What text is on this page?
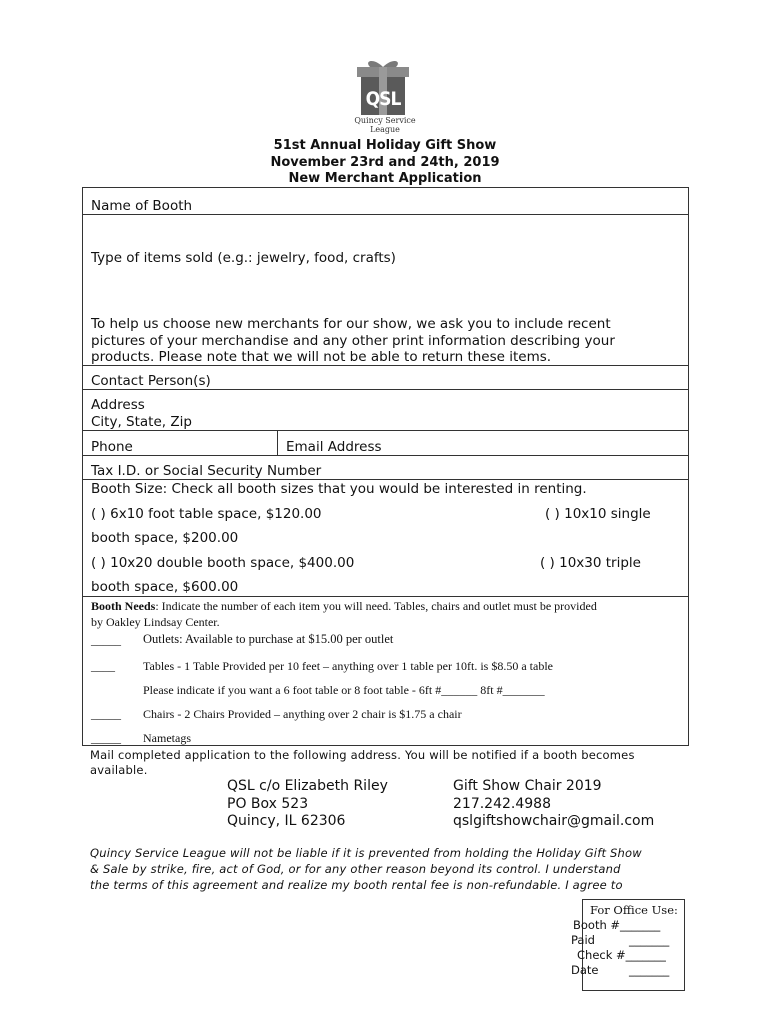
QSL
Quincy Service League
51st Annual Holiday Gift Show
November 23rd and 24th, 2019
New Merchant Application
Name of Booth
Type of items sold (e.g.: jewelry, food, crafts)
To help us choose new merchants for our show, we ask you to include recent
pictures of your merchandise and any other print information describing your
products. Please note that we will not be able to return these items.
Contact Person(s)
Address
City, State, Zip
Phone	Email Address
Tax I.D. or Social Security Number
Booth Size: Check all booth sizes that you would be interested in renting.
( ) 6x10 foot table space, $120.00	( ) 10x10 single
booth space, $200.00
( ) 10x20 double booth space, $400.00	( ) 10x30 triple
booth space, $600.00
Booth Needs: Indicate the number of each item you will need. Tables, chairs and outlet must be provided
by Oakley Lindsay Center.
_____ Outlets: Available to purchase at $15.00 per outlet
____ Tables - 1 Table Provided per 10 feet – anything over 1 table per 10ft. is $8.50 a table
Please indicate if you want a 6 foot table or 8 foot table - 6ft #______ 8ft #_______
_____ Chairs - 2 Chairs Provided – anything over 2 chair is $1.75 a chair
_____ Nametags
Mail completed application to the following address. You will be notified if a booth becomes
available.
QSL c/o Elizabeth Riley
PO Box 523
Quincy, IL 62306
Gift Show Chair 2019
217.242.4988
qslgiftshowchair@gmail.com
Quincy Service League will not be liable if it is prevented from holding the Holiday Gift Show
& Sale by strike, fire, act of God, or for any other reason beyond its control. I understand
the terms of this agreement and realize my booth rental fee is non-refundable. I agree to
For Office Use:
Booth #_______
Paid	_______
Check #_______
Date	_______
